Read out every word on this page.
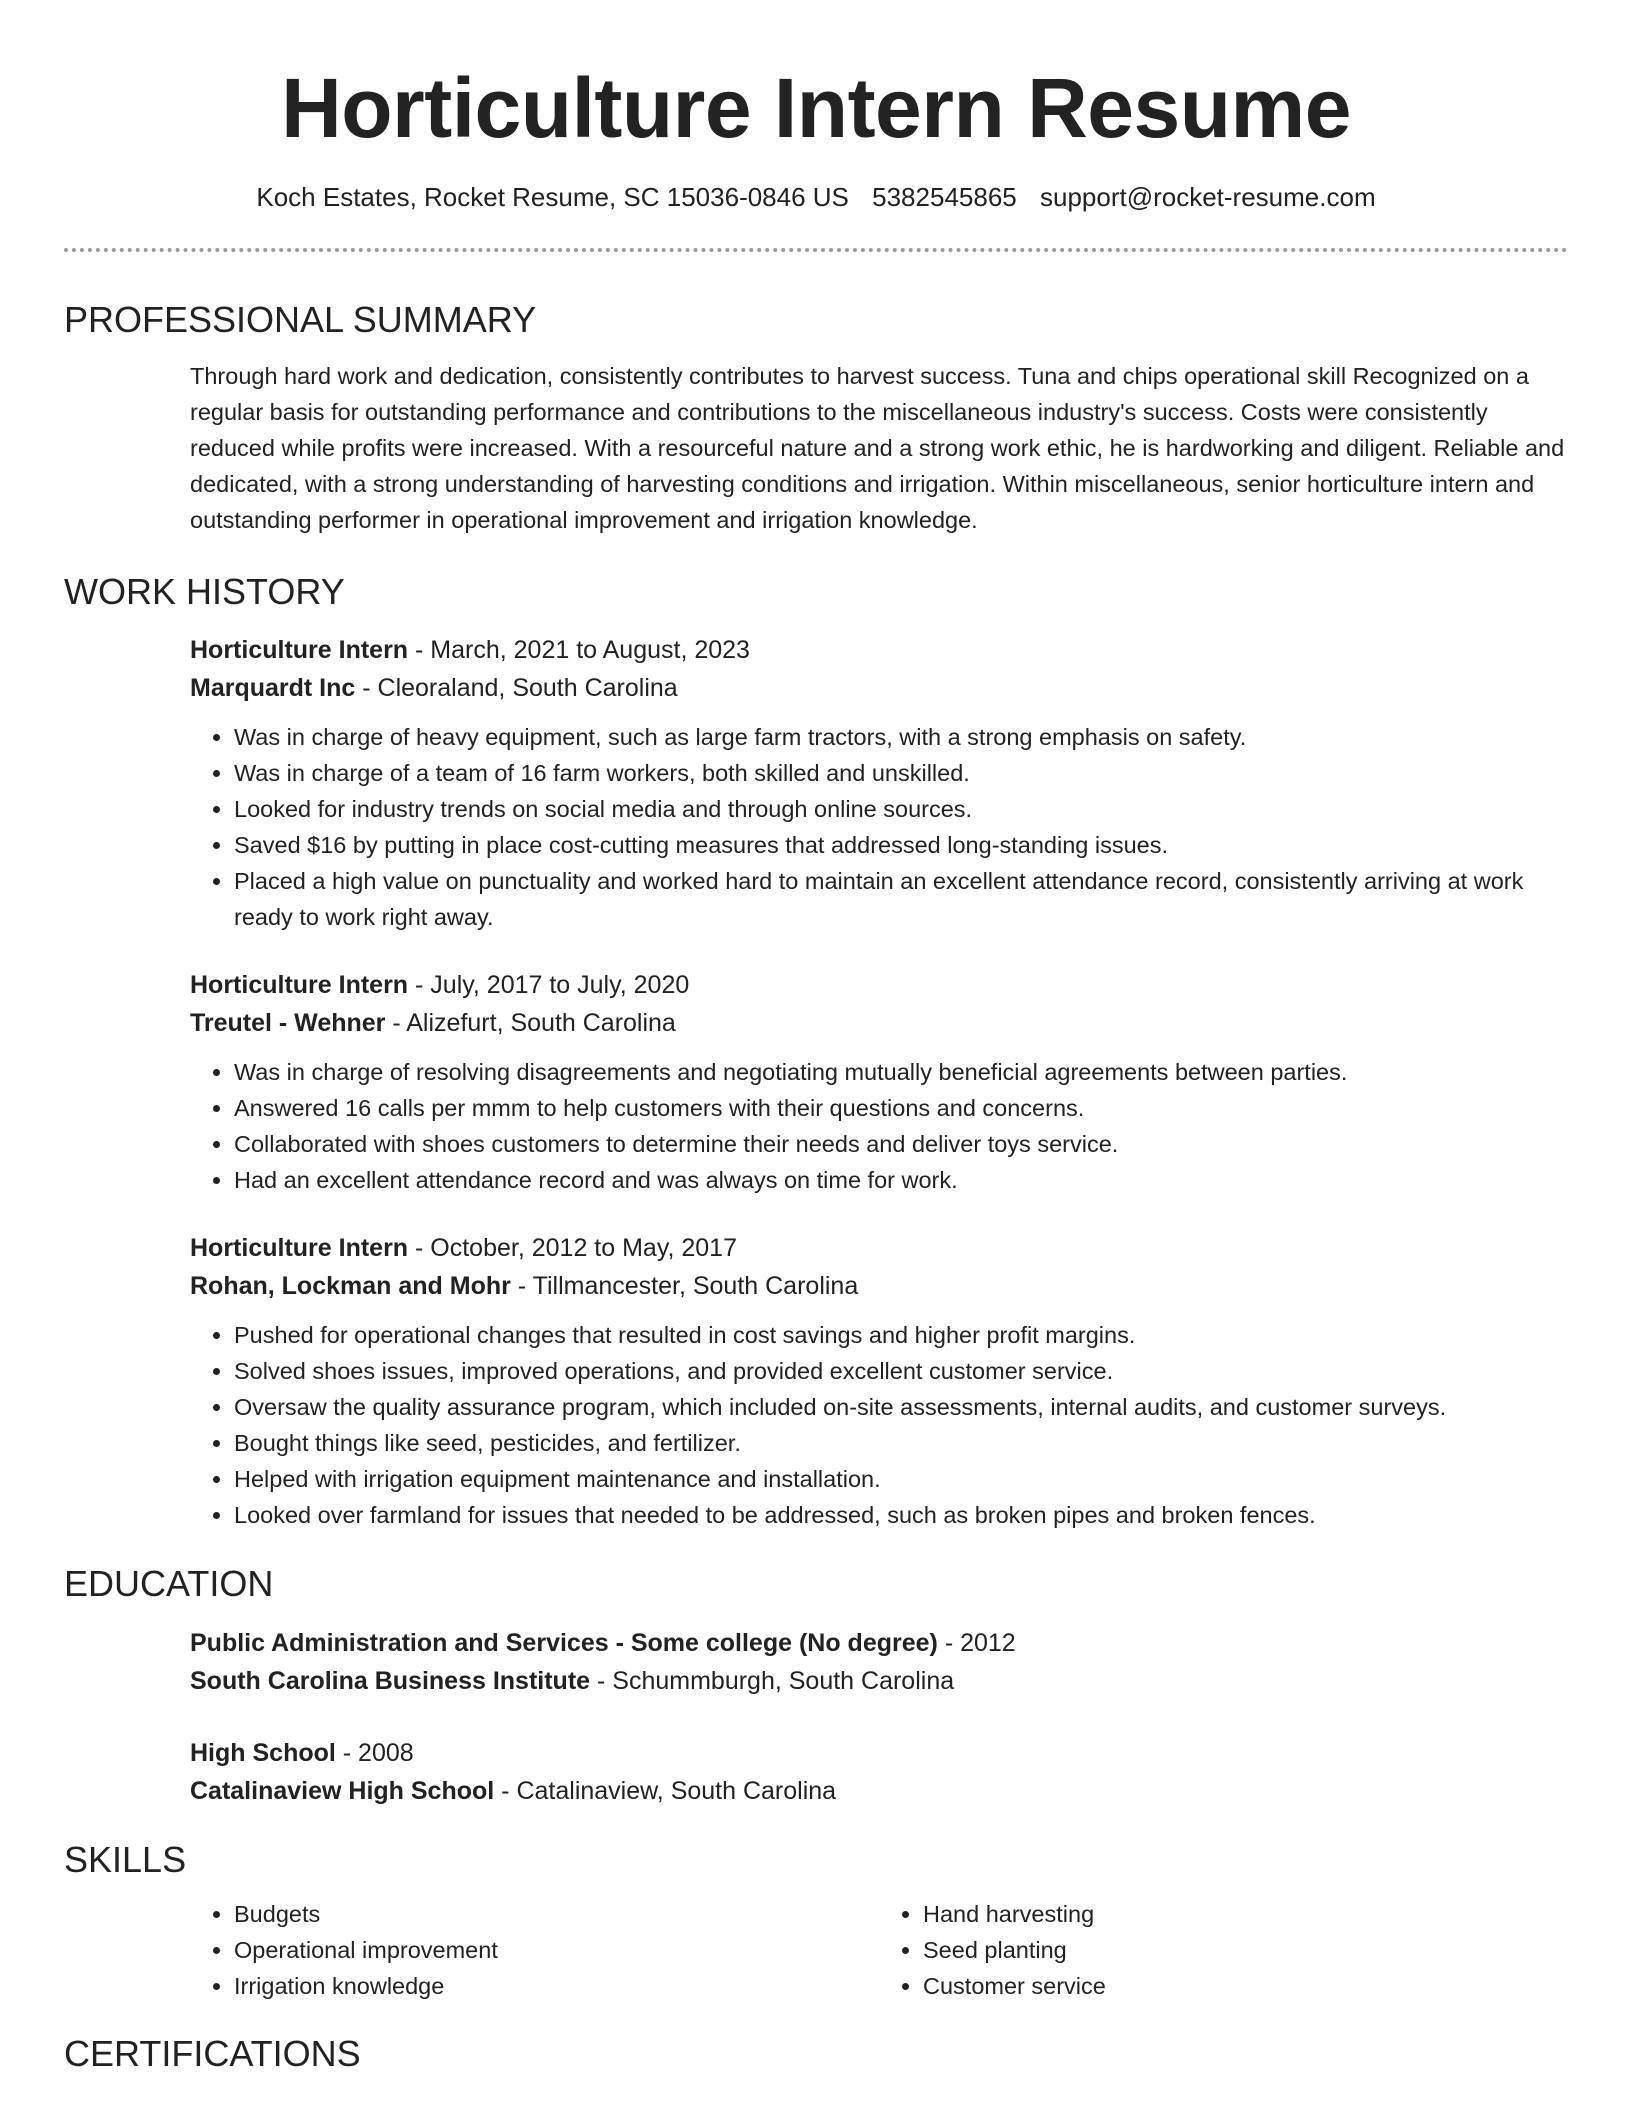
Horticulture Intern Resume
Koch Estates, Rocket Resume, SC 15036-0846 US 5382545865 support@rocket-resume.com
PROFESSIONAL SUMMARY

Through hard work and dedication, consistently contributes to harvest success. Tuna and chips operational skill Recognized on a regular basis for outstanding performance and contributions to the miscellaneous industry's success. Costs were consistently reduced while profits were increased. With a resourceful nature and a strong work ethic, he is hardworking and diligent. Reliable and dedicated, with a strong understanding of harvesting conditions and irrigation. Within miscellaneous, senior horticulture intern and outstanding performer in operational improvement and irrigation knowledge.

WORK HISTORY
Horticulture Intern - March, 2021 to August, 2023
Marquardt Inc - Cleoraland, South Carolina
• Was in charge of heavy equipment, such as large farm tractors, with a strong emphasis on safety.
• Was in charge of a team of 16 farm workers, both skilled and unskilled.
• Looked for industry trends on social media and through online sources.
• Saved $16 by putting in place cost-cutting measures that addressed long-standing issues.
• Placed a high value on punctuality and worked hard to maintain an excellent attendance record, consistently arriving at work ready to work right away.
Horticulture Intern - July, 2017 to July, 2020
Treutel - Wehner - Alizefurt, South Carolina
• Was in charge of resolving disagreements and negotiating mutually beneficial agreements between parties.
• Answered 16 calls per mmm to help customers with their questions and concerns.
• Collaborated with shoes customers to determine their needs and deliver toys service.
• Had an excellent attendance record and was always on time for work.
Horticulture Intern - October, 2012 to May, 2017
Rohan, Lockman and Mohr - Tillmancester, South Carolina
• Pushed for operational changes that resulted in cost savings and higher profit margins.
• Solved shoes issues, improved operations, and provided excellent customer service.
• Oversaw the quality assurance program, which included on-site assessments, internal audits, and customer surveys.
• Bought things like seed, pesticides, and fertilizer.
• Helped with irrigation equipment maintenance and installation.
• Looked over farmland for issues that needed to be addressed, such as broken pipes and broken fences.
EDUCATION
Public Administration and Services - Some college (No degree) - 2012
South Carolina Business Institute - Schummburgh, South Carolina
High School - 2008
Catalinaview High School - Catalinaview, South Carolina
SKILLS
• Budgets
• Operational improvement
• Irrigation knowledge
• Hand harvesting
• Seed planting
• Customer service
CERTIFICATIONS
